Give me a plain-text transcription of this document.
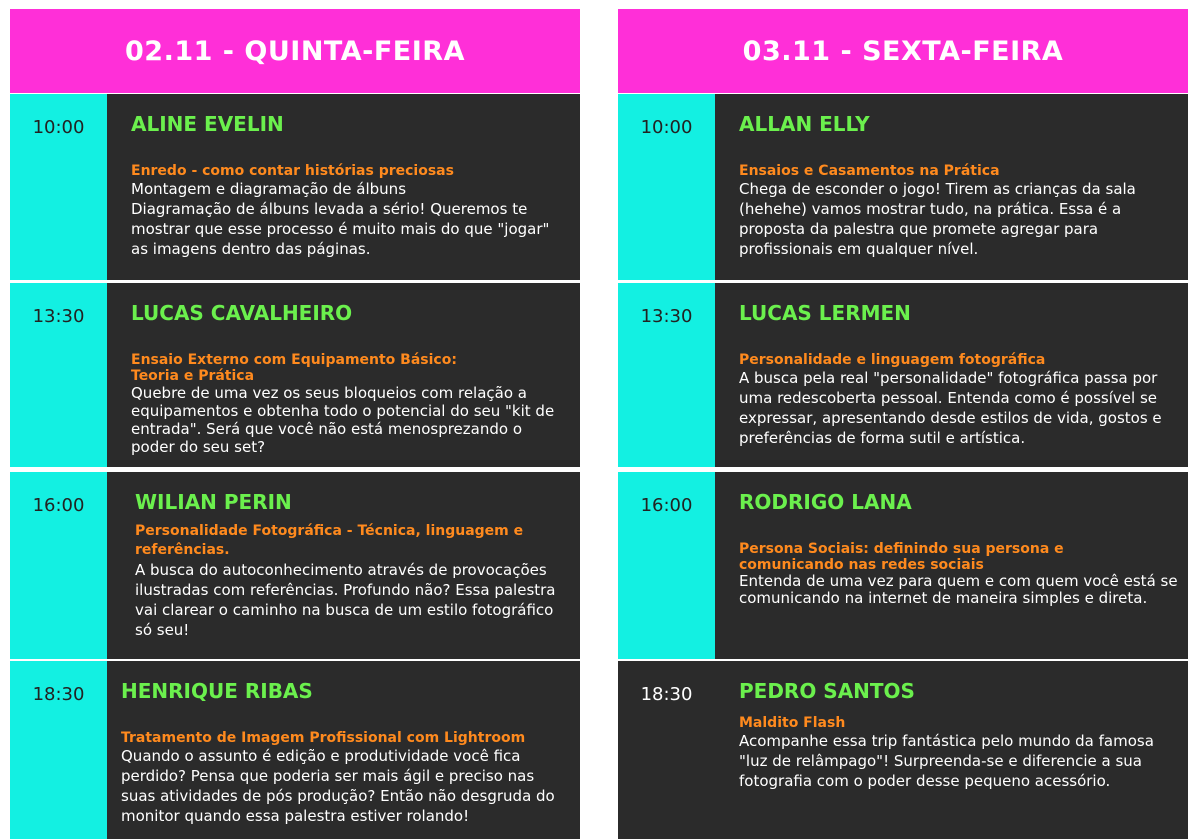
02.11 - QUINTA-FEIRA
10:00	ALINE EVELIN
Enredo - como contar histórias preciosas
Montagem e diagramação de álbuns
Diagramação de álbuns levada a sério! Queremos te mostrar que esse processo é muito mais do que "jogar" as imagens dentro das páginas.
13:30	LUCAS CAVALHEIRO
Ensaio Externo com Equipamento Básico: Teoria e Prática
Quebre de uma vez os seus bloqueios com relação a equipamentos e obtenha todo o potencial do seu "kit de entrada". Será que você não está menosprezando o poder do seu set?
16:00	WILIAN PERIN
Personalidade Fotográfica - Técnica, linguagem e referências.
A busca do autoconhecimento através de provocações ilustradas com referências. Profundo não? Essa palestra vai clarear o caminho na busca de um estilo fotográfico só seu!
18:30	HENRIQUE RIBAS
Tratamento de Imagem Profissional com Lightroom
Quando o assunto é edição e produtividade você fica perdido? Pensa que poderia ser mais ágil e preciso nas suas atividades de pós produção? Então não desgruda do monitor quando essa palestra estiver rolando!
03.11 - SEXTA-FEIRA
10:00	ALLAN ELLY
Ensaios e Casamentos na Prática
Chega de esconder o jogo! Tirem as crianças da sala (hehehe) vamos mostrar tudo, na prática. Essa é a proposta da palestra que promete agregar para profissionais em qualquer nível.
13:30	LUCAS LERMEN
Personalidade e linguagem fotográfica
A busca pela real "personalidade" fotográfica passa por uma redescoberta pessoal. Entenda como é possível se expressar, apresentando desde estilos de vida, gostos e preferências de forma sutil e artística.
16:00	RODRIGO LANA
Persona Sociais: definindo sua persona e comunicando nas redes sociais
Entenda de uma vez para quem e com quem você está se comunicando na internet de maneira simples e direta.
18:30	PEDRO SANTOS
Maldito Flash
Acompanhe essa trip fantástica pelo mundo da famosa "luz de relâmpago"! Surpreenda-se e diferencie a sua fotografia com o poder desse pequeno acessório.
